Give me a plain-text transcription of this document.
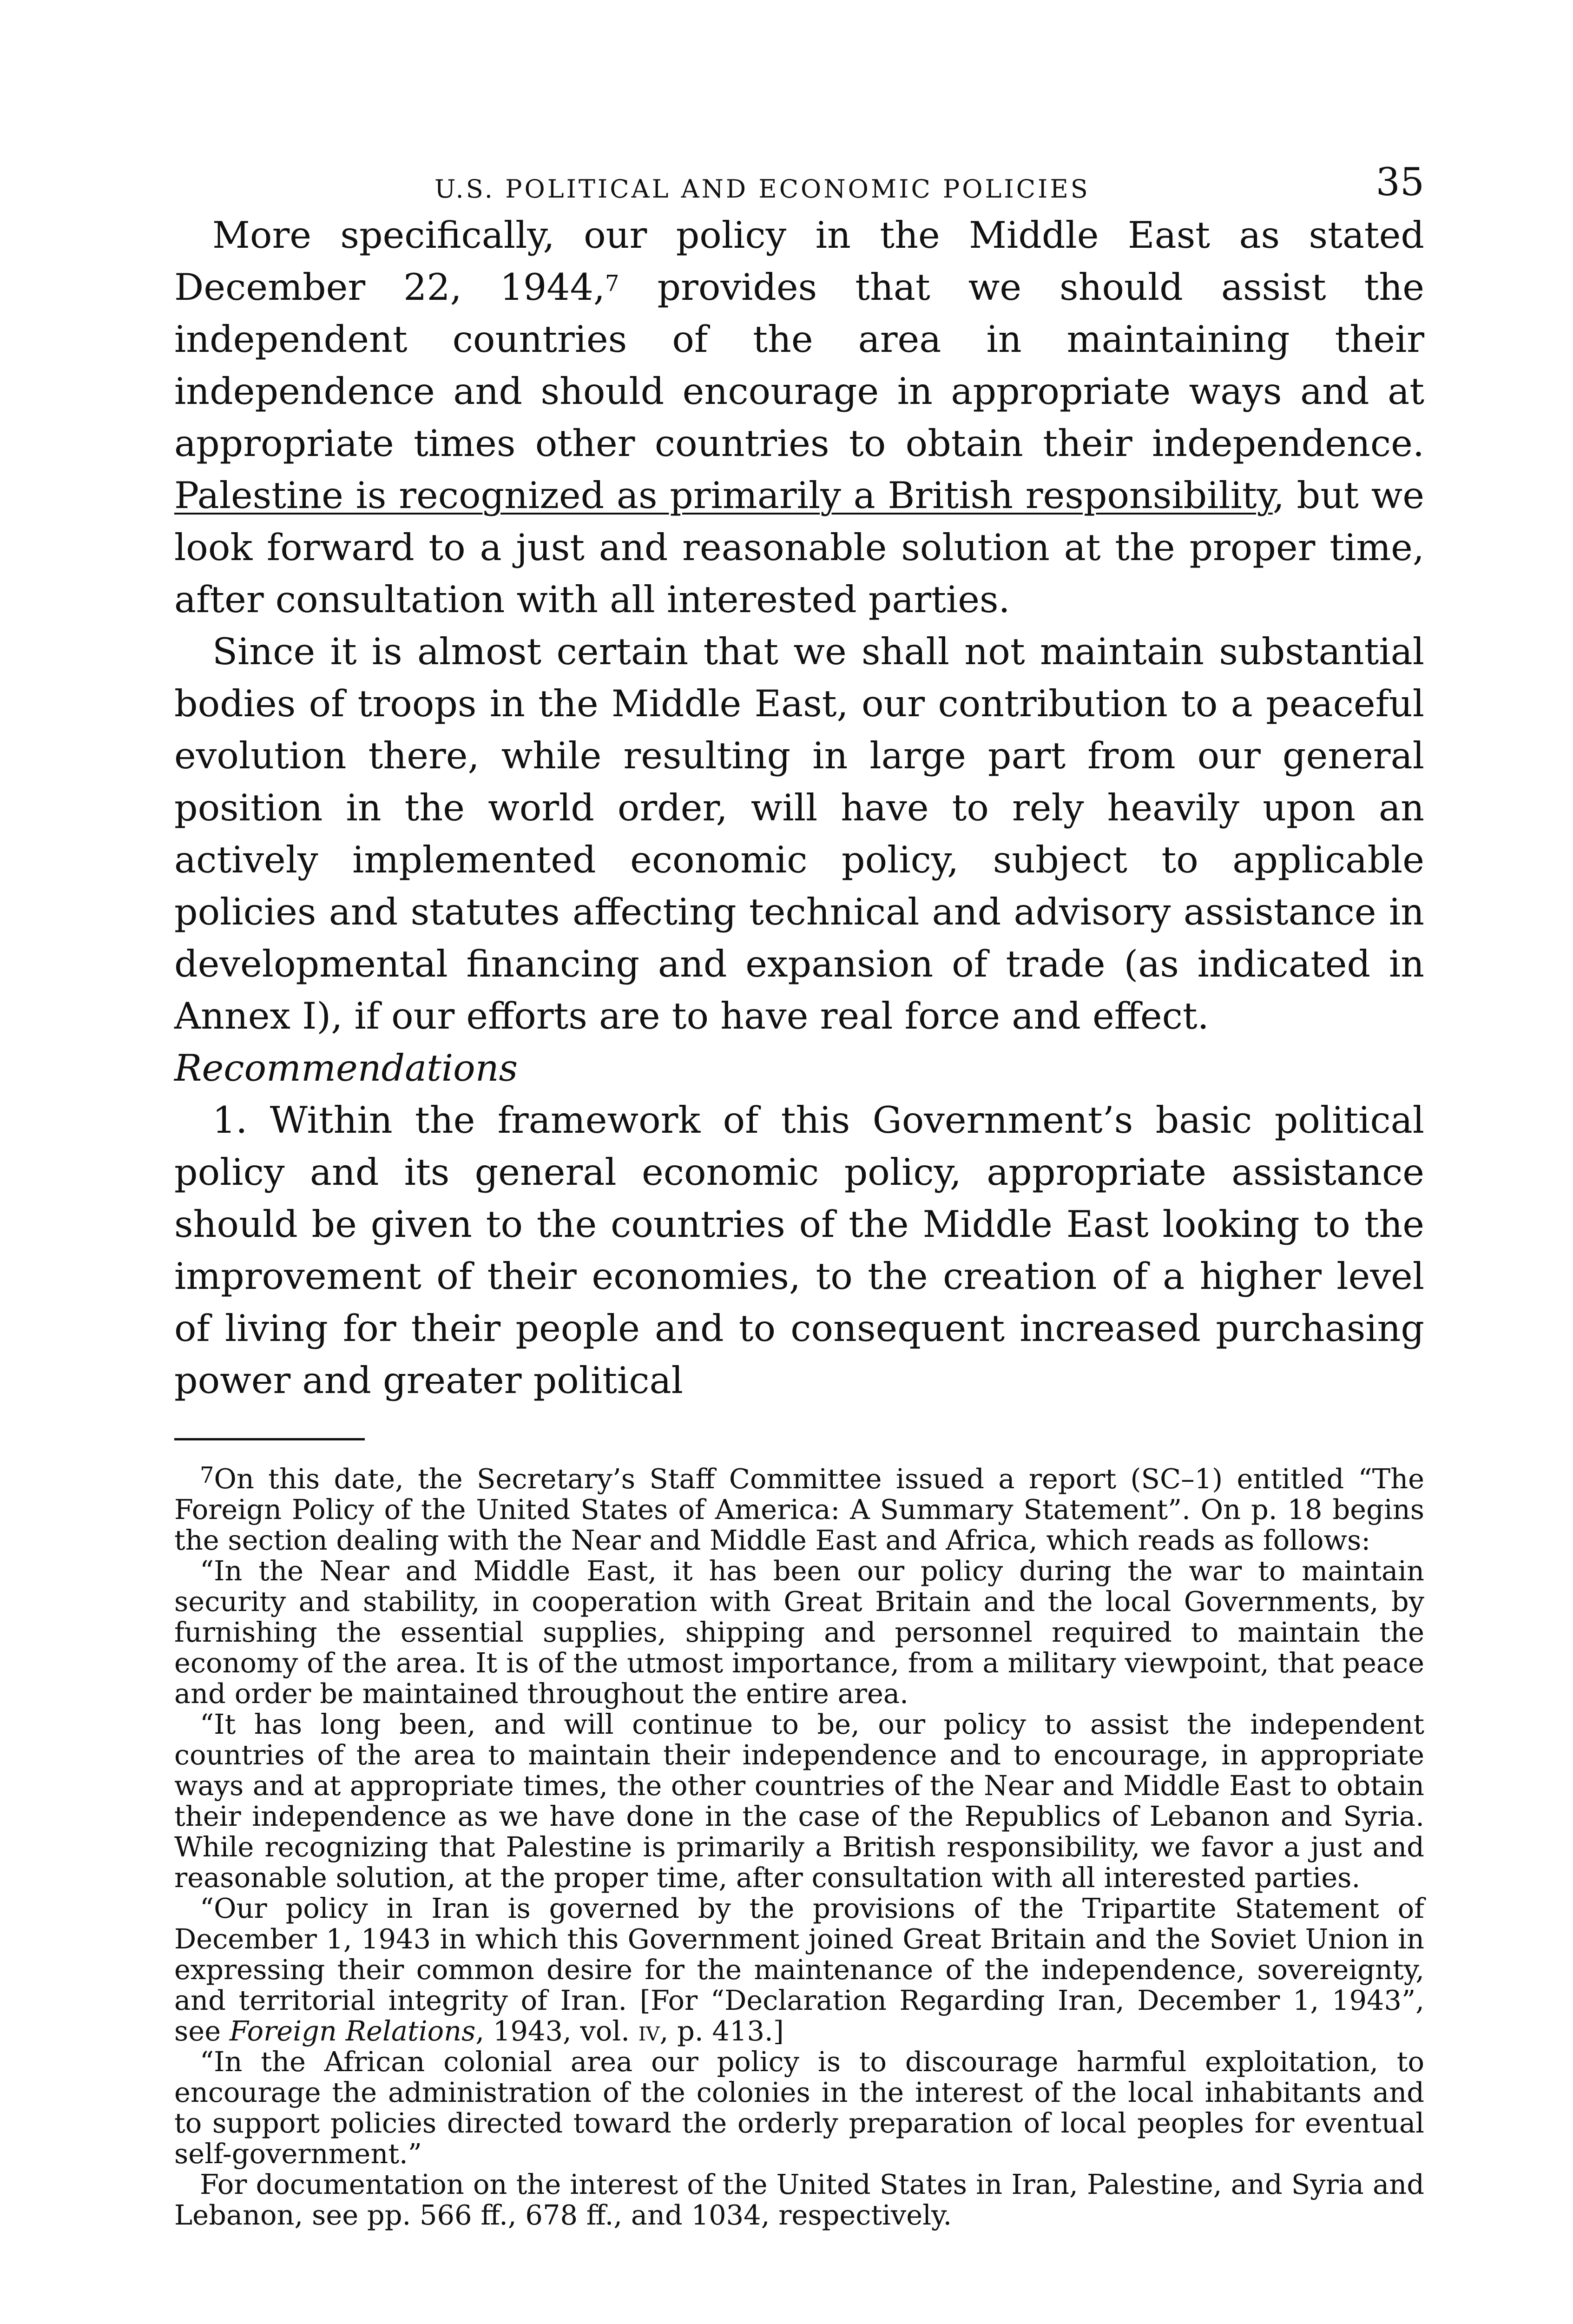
U.S. POLITICAL AND ECONOMIC POLICIES	35

More specifically, our policy in the Middle East as stated December 22, 1944,$^7$ provides that we should assist the independent countries of the area in maintaining their independence and should encourage in appropriate ways and at appropriate times other countries to obtain their independence. Palestine is recognized as primarily a British responsibility, but we look forward to a just and reasonable solution at the proper time, after consultation with all interested parties.

Since it is almost certain that we shall not maintain substantial bodies of troops in the Middle East, our contribution to a peaceful evolution there, while resulting in large part from our general position in the world order, will have to rely heavily upon an actively implemented economic policy, subject to applicable policies and statutes affecting technical and advisory assistance in developmental financing and expansion of trade (as indicated in Annex I), if our efforts are to have real force and effect.

Recommendations

1. Within the framework of this Government’s basic political policy and its general economic policy, appropriate assistance should be given to the countries of the Middle East looking to the improvement of their economies, to the creation of a higher level of living for their people and to consequent increased purchasing power and greater political

$^7$On this date, the Secretary’s Staff Committee issued a report (SC–1) entitled “The Foreign Policy of the United States of America: A Summary Statement”. On p. 18 begins the section dealing with the Near and Middle East and Africa, which reads as follows:

“In the Near and Middle East, it has been our policy during the war to maintain security and stability, in cooperation with Great Britain and the local Governments, by furnishing the essential supplies, shipping and personnel required to maintain the economy of the area. It is of the utmost importance, from a military viewpoint, that peace and order be maintained throughout the entire area.

“It has long been, and will continue to be, our policy to assist the independent countries of the area to maintain their independence and to encourage, in appropriate ways and at appropriate times, the other countries of the Near and Middle East to obtain their independence as we have done in the case of the Republics of Lebanon and Syria. While recognizing that Palestine is primarily a British responsibility, we favor a just and reasonable solution, at the proper time, after consultation with all interested parties.

“Our policy in Iran is governed by the provisions of the Tripartite Statement of December 1, 1943 in which this Government joined Great Britain and the Soviet Union in expressing their common desire for the maintenance of the independence, sovereignty, and territorial integrity of Iran. [For “Declaration Regarding Iran, December 1, 1943”, see Foreign Relations, 1943, vol. iv, p. 413.]

“In the African colonial area our policy is to discourage harmful exploitation, to encourage the administration of the colonies in the interest of the local inhabitants and to support policies directed toward the orderly preparation of local peoples for eventual self-government.”

For documentation on the interest of the United States in Iran, Palestine, and Syria and Lebanon, see pp. 566 ff., 678 ff., and 1034, respectively.
